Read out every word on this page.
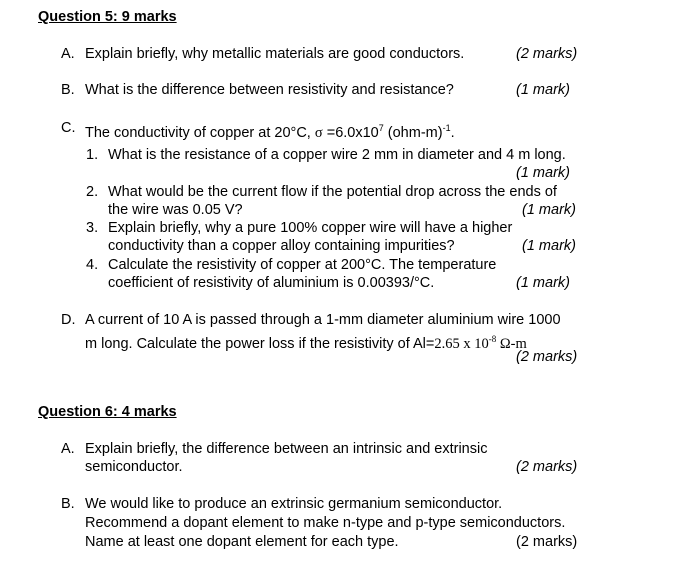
Question 5: 9 marks
A. Explain briefly, why metallic materials are good conductors.	(2 marks)
B. What is the difference between resistivity and resistance?	(1 mark)
C. The conductivity of copper at 20°C, $\sigma =6.0x10^7$ $(ohm-m)^{-1}$.
1. What is the resistance of a copper wire 2 mm in diameter and 4 m long.
(1 mark)
2. What would be the current flow if the potential drop across the ends of
the wire was 0.05 V?	(1 mark)
3. Explain briefly, why a pure 100% copper wire will have a higher
conductivity than a copper alloy containing impurities?	(1 mark)
4. Calculate the resistivity of copper at 200°C. The temperature
coefficient of resistivity of aluminium is 0.00393/°C.	(1 mark)
D. A current of 10 A is passed through a 1-mm diameter aluminium wire 1000
m long. Calculate the power loss if the resistivity of Al=2.65 x $10^{-8}$ Ω-m
(2 marks)
Question 6: 4 marks
A. Explain briefly, the difference between an intrinsic and extrinsic
semiconductor.	(2 marks)
B. We would like to produce an extrinsic germanium semiconductor.
Recommend a dopant element to make n-type and p-type semiconductors.
Name at least one dopant element for each type.	(2 marks)
